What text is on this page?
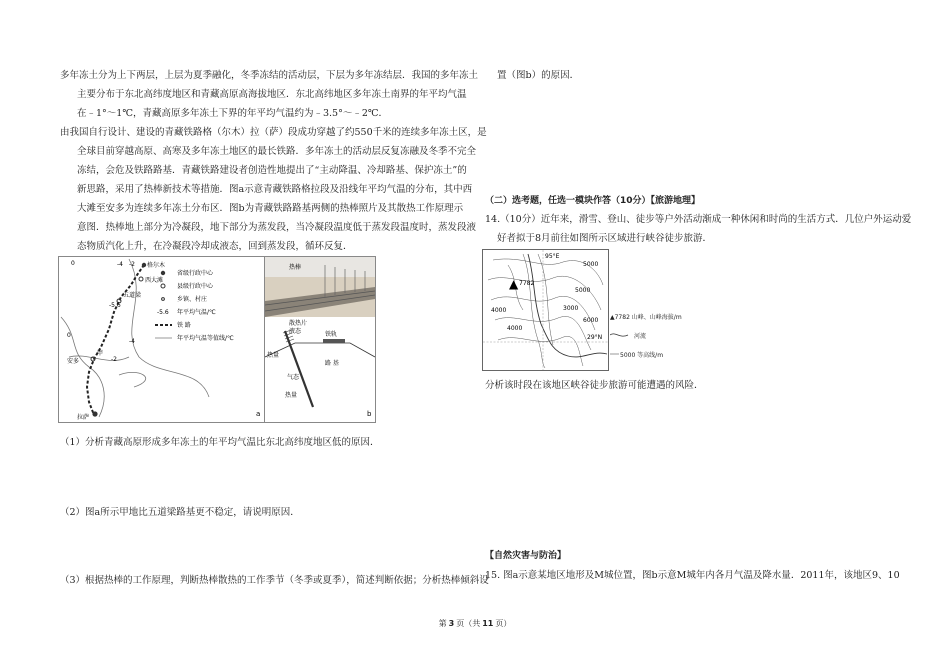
多年冻土分为上下两层，上层为夏季融化，冬季冻结的活动层，下层为多年冻结层．我国的多年冻土
主要分布于东北高纬度地区和青藏高原高海拔地区．东北高纬地区多年冻土南界的年平均气温
在﹣1°～1℃，青藏高原多年冻土下界的年平均气温约为﹣3.5°～﹣2℃．
由我国自行设计、建设的青藏铁路格（尔木）拉（萨）段成功穿越了约550千米的连续多年冻土区，是
全球目前穿越高原、高寒及多年冻土地区的最长铁路．多年冻土的活动层反复冻融及冬季不完全
冻结，会危及铁路路基．青藏铁路建设者创造性地提出了“主动降温、冷却路基、保护冻土”的
新思路，采用了热棒新技术等措施．图a示意青藏铁路格拉段及沿线年平均气温的分布，其中西
大滩至安多为连续多年冻土分布区．图b为青藏铁路路基两侧的热棒照片及其散热工作原理示
意图．热棒地上部分为冷凝段，地下部分为蒸发段，当冷凝段温度低于蒸发段温度时，蒸发段液
态物质汽化上升，在冷凝段冷却成液态，回到蒸发段，循环反复．
-4 -2
0
-5.6
-4
-2
0
格尔木
西大滩
五道梁
安多
甲
拉萨
省级行政中心
县级行政中心
乡镇、村庄
-5.6 年平均气温/℃
铁 路
年平均气温等值线/℃
a
热棒
散热片
液态	铁轨
热量
路 基
气态
热量
b
（1）分析青藏高原形成多年冻土的年平均气温比东北高纬度地区低的原因．
（2）图a所示甲地比五道梁路基更不稳定，请说明原因．
（3）根据热棒的工作原理，判断热棒散热的工作季节（冬季或夏季），简述判断依据；分析热棒倾斜设
置（图b）的原因．
（二）选考题，任选一模块作答（10分）【旅游地理】
14.（10分）近年来，滑雪、登山、徒步等户外活动渐成一种休闲和时尚的生活方式．几位户外运动爱
好者拟于8月前往如图所示区域进行峡谷徒步旅游．
95°E
29°N
▲ 7782
5000
4000	3000
4000
5000
6000 ▲7782 山峰、山峰海拔/m
河流
5000 等高线/m
分析该时段在该地区峡谷徒步旅游可能遭遇的风险．
【自然灾害与防治】
15. 图a示意某地区地形及M城位置，图b示意M城年内各月气温及降水量．2011年，该地区9、10
第 3 页（共 11 页）
